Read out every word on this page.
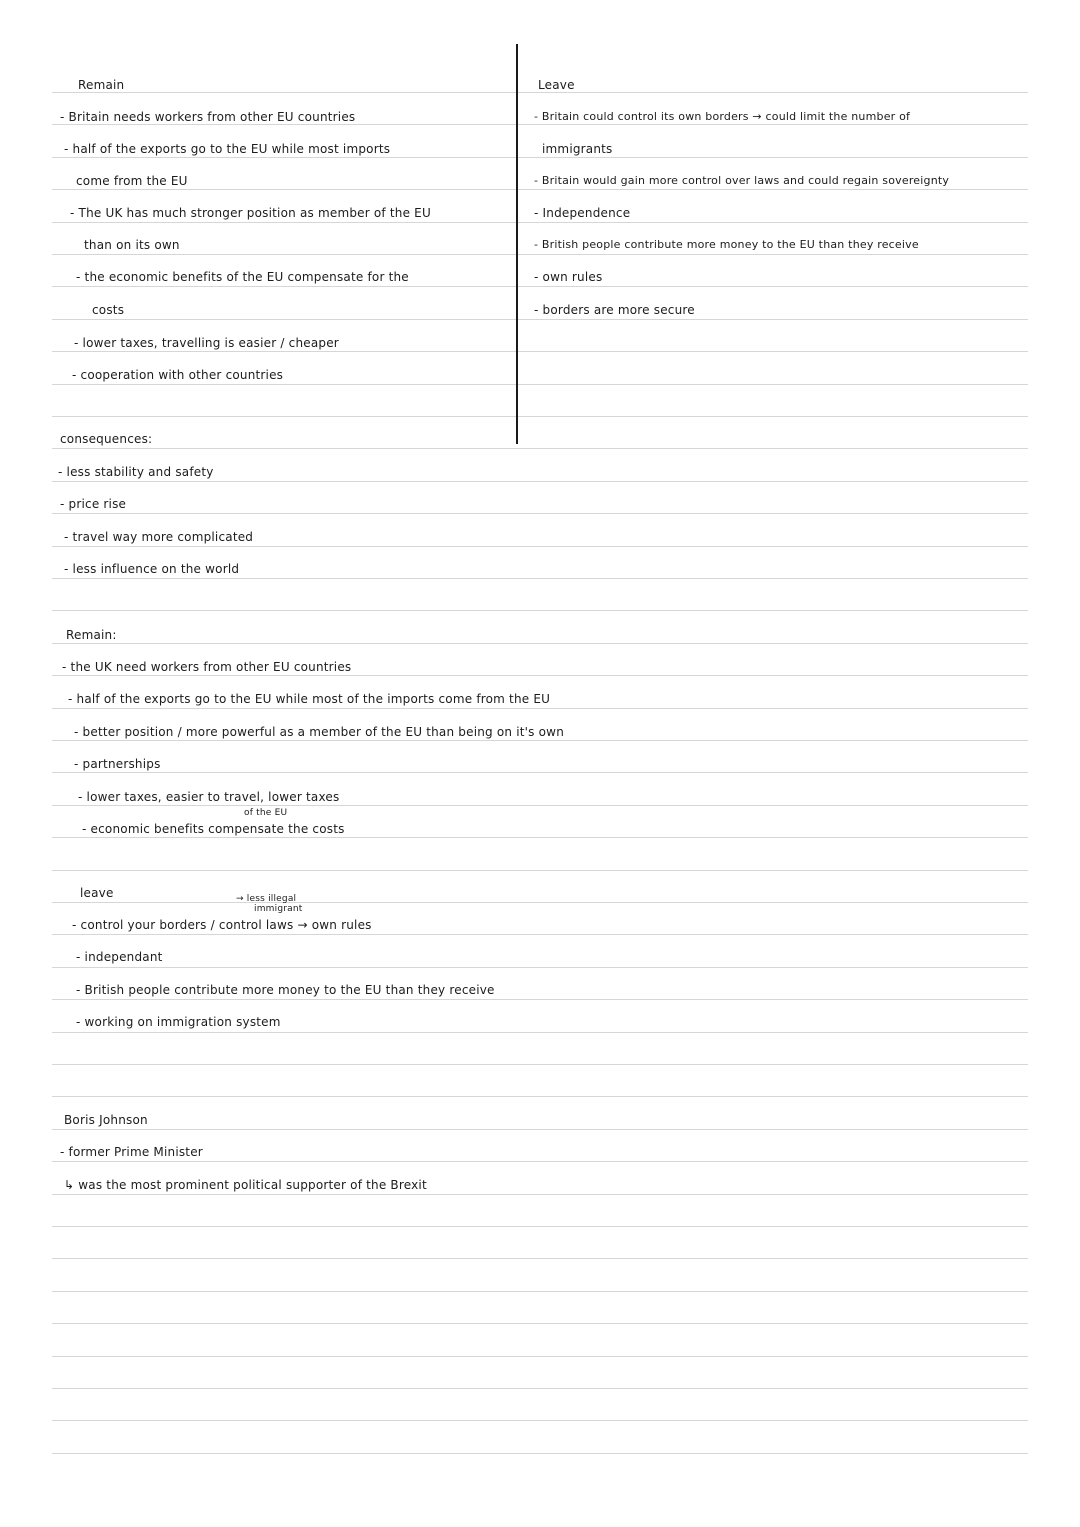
Remain
- Britain needs workers from other EU countries
- half of the exports go to the EU while most imports
come from the EU
- The UK has much stronger position as member of the EU
than on its own
- the economic benefits of the EU compensate for the
costs
- lower taxes, travelling is easier / cheaper
- cooperation with other countries
Leave
- Britain could control its own borders → could limit the number of
immigrants
- Britain would gain more control over laws and could regain sovereignty
- Independence
- British people contribute more money to the EU than they receive
- own rules
- borders are more secure
consequences:
- less stability and safety
- price rise
- travel way more complicated
- less influence on the world
Remain:
- the UK need workers from other EU countries
- half of the exports go to the EU while most of the imports come from the EU
- better position / more powerful as a member of the EU than being on it's own
- partnerships
- lower taxes, easier to travel, lower taxes
of the EU
- economic benefits compensate the costs
leave	→ less illegal
immigrant
- control your borders / control laws → own rules
- independant
- British people contribute more money to the EU than they receive
- working on immigration system
Boris Johnson
- former Prime Minister
↳ was the most prominent political supporter of the Brexit
